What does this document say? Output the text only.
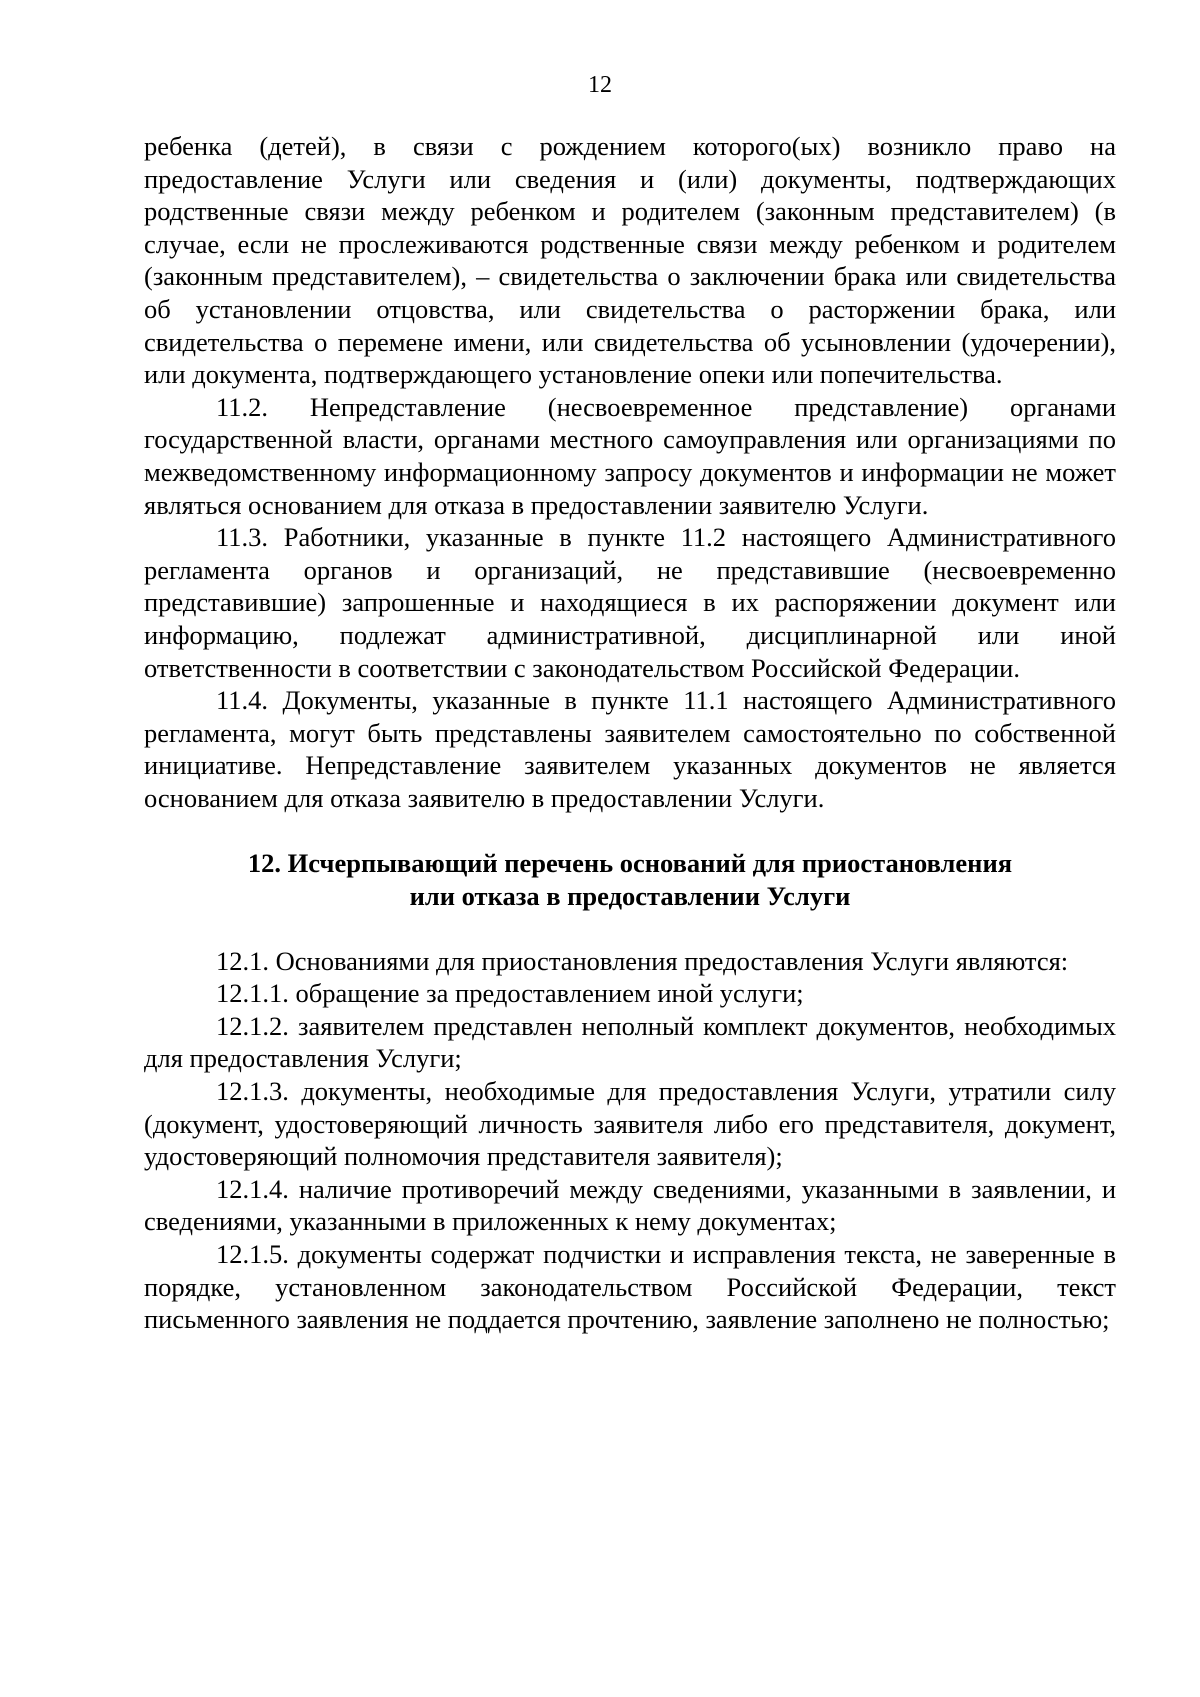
12

ребенка (детей), в связи с рождением которого(ых) возникло право на предоставление Услуги или сведения и (или) документы, подтверждающих родственные связи между ребенком и родителем (законным представителем) (в случае, если не прослеживаются родственные связи между ребенком и родителем (законным представителем), – свидетельства о заключении брака или свидетельства об установлении отцовства, или свидетельства о расторжении брака, или свидетельства о перемене имени, или свидетельства об усыновлении (удочерении), или документа, подтверждающего установление опеки или попечительства.

11.2. Непредставление (несвоевременное представление) органами государственной власти, органами местного самоуправления или организациями по межведомственному информационному запросу документов и информации не может являться основанием для отказа в предоставлении заявителю Услуги.

11.3. Работники, указанные в пункте 11.2 настоящего Административного регламента органов и организаций, не представившие (несвоевременно представившие) запрошенные и находящиеся в их распоряжении документ или информацию, подлежат административной, дисциплинарной или иной ответственности в соответствии с законодательством Российской Федерации.

11.4. Документы, указанные в пункте 11.1 настоящего Административного регламента, могут быть представлены заявителем самостоятельно по собственной инициативе. Непредставление заявителем указанных документов не является основанием для отказа заявителю в предоставлении Услуги.

12. Исчерпывающий перечень оснований для приостановления
или отказа в предоставлении Услуги

12.1. Основаниями для приостановления предоставления Услуги являются:

12.1.1. обращение за предоставлением иной услуги;

12.1.2. заявителем представлен неполный комплект документов, необходимых для предоставления Услуги;

12.1.3. документы, необходимые для предоставления Услуги, утратили силу (документ, удостоверяющий личность заявителя либо его представителя, документ, удостоверяющий полномочия представителя заявителя);

12.1.4. наличие противоречий между сведениями, указанными в заявлении, и сведениями, указанными в приложенных к нему документах;

12.1.5. документы содержат подчистки и исправления текста, не заверенные в порядке, установленном законодательством Российской Федерации, текст письменного заявления не поддается прочтению, заявление заполнено не полностью;
